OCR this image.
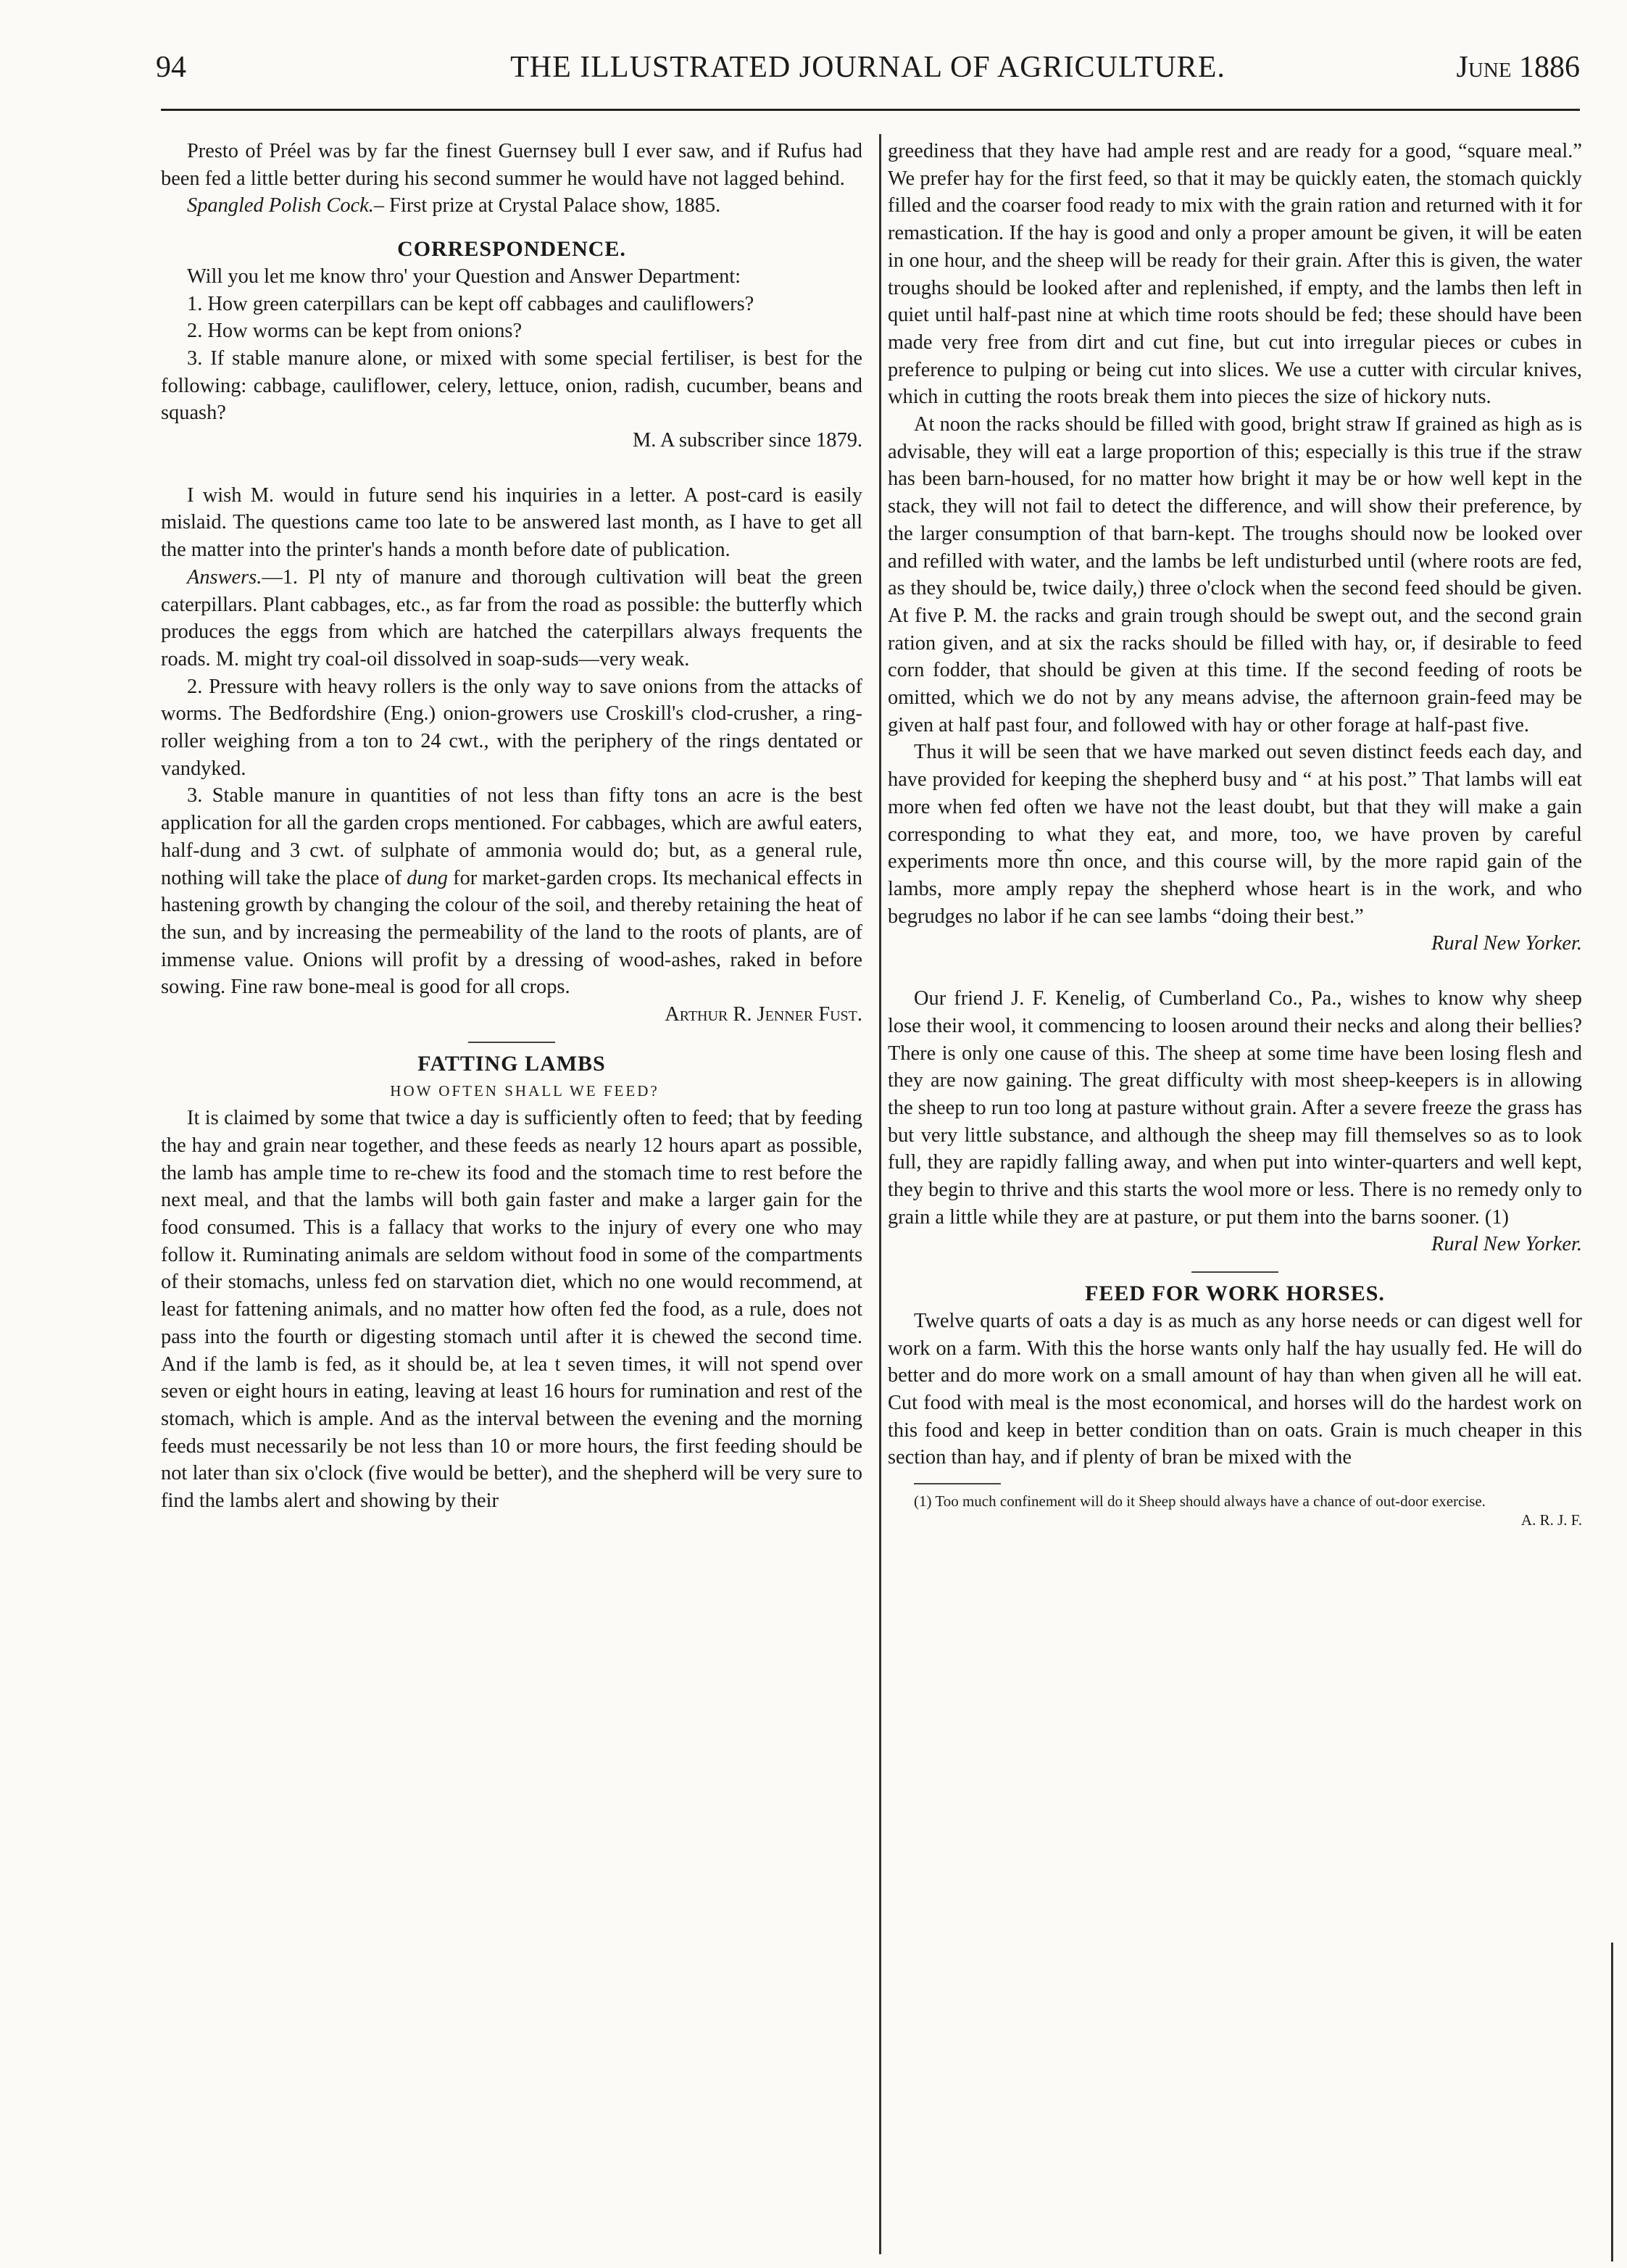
94	THE ILLUSTRATED JOURNAL OF AGRICULTURE.	June 1886

Presto of Préel was by far the finest Guernsey bull I ever saw, and if Rufus had been fed a little better during his second summer he would have not lagged behind.

Spangled Polish Cock.– First prize at Crystal Palace show, 1885.

CORRESPONDENCE.

Will you let me know thro' your Question and Answer Department:

1. How green caterpillars can be kept off cabbages and cauliflowers?

2. How worms can be kept from onions?

3. If stable manure alone, or mixed with some special fertiliser, is best for the following: cabbage, cauliflower, celery, lettuce, onion, radish, cucumber, beans and squash?

M. A subscriber since 1879.

I wish M. would in future send his inquiries in a letter. A post-card is easily mislaid. The questions came too late to be answered last month, as I have to get all the matter into the printer's hands a month before date of publication.

Answers.—1. Pl nty of manure and thorough cultivation will beat the green caterpillars. Plant cabbages, etc., as far from the road as possible: the butterfly which produces the eggs from which are hatched the caterpillars always frequents the roads. M. might try coal-oil dissolved in soap-suds—very weak.

2. Pressure with heavy rollers is the only way to save onions from the attacks of worms. The Bedfordshire (Eng.) onion-growers use Croskill's clod-crusher, a ring-roller weighing from a ton to 24 cwt., with the periphery of the rings dentated or vandyked.

3. Stable manure in quantities of not less than fifty tons an acre is the best application for all the garden crops mentioned. For cabbages, which are awful eaters, half-dung and 3 cwt. of sulphate of ammonia would do; but, as a general rule, nothing will take the place of dung for market-garden crops. Its mechanical effects in hastening growth by changing the colour of the soil, and thereby retaining the heat of the sun, and by increasing the permeability of the land to the roots of plants, are of immense value. Onions will profit by a dressing of wood-ashes, raked in before sowing. Fine raw bone-meal is good for all crops.

Arthur R. Jenner Fust.

FATTING LAMBS

HOW OFTEN SHALL WE FEED?

It is claimed by some that twice a day is sufficiently often to feed; that by feeding the hay and grain near together, and these feeds as nearly 12 hours apart as possible, the lamb has ample time to re-chew its food and the stomach time to rest before the next meal, and that the lambs will both gain faster and make a larger gain for the food consumed. This is a fallacy that works to the injury of every one who may follow it. Ruminating animals are seldom without food in some of the compartments of their stomachs, unless fed on starvation diet, which no one would recommend, at least for fattening animals, and no matter how often fed the food, as a rule, does not pass into the fourth or digesting stomach until after it is chewed the second time. And if the lamb is fed, as it should be, at lea t seven times, it will not spend over seven or eight hours in eating, leaving at least 16 hours for rumination and rest of the stomach, which is ample. And as the interval between the evening and the morning feeds must necessarily be not less than 10 or more hours, the first feeding should be not later than six o'clock (five would be better), and the shepherd will be very sure to find the lambs alert and showing by their

greediness that they have had ample rest and are ready for a good, “square meal.” We prefer hay for the first feed, so that it may be quickly eaten, the stomach quickly filled and the coarser food ready to mix with the grain ration and returned with it for remastication. If the hay is good and only a proper amount be given, it will be eaten in one hour, and the sheep will be ready for their grain. After this is given, the water troughs should be looked after and replenished, if empty, and the lambs then left in quiet until half-past nine at which time roots should be fed; these should have been made very free from dirt and cut fine, but cut into irregular pieces or cubes in preference to pulping or being cut into slices. We use a cutter with circular knives, which in cutting the roots break them into pieces the size of hickory nuts.

At noon the racks should be filled with good, bright straw If grained as high as is advisable, they will eat a large proportion of this; especially is this true if the straw has been barn-housed, for no matter how bright it may be or how well kept in the stack, they will not fail to detect the difference, and will show their preference, by the larger consumption of that barn-kept. The troughs should now be looked over and refilled with water, and the lambs be left undisturbed until (where roots are fed, as they should be, twice daily,) three o'clock when the second feed should be given. At five P. M. the racks and grain trough should be swept out, and the second grain ration given, and at six the racks should be filled with hay, or, if desirable to feed corn fodder, that should be given at this time. If the second feeding of roots be omitted, which we do not by any means advise, the afternoon grain-feed may be given at half past four, and followed with hay or other forage at half-past five.

Thus it will be seen that we have marked out seven distinct feeds each day, and have provided for keeping the shepherd busy and “ at his post.” That lambs will eat more when fed often we have not the least doubt, but that they will make a gain corresponding to what they eat, and more, too, we have proven by careful experiments more th̃n once, and this course will, by the more rapid gain of the lambs, more amply repay the shepherd whose heart is in the work, and who begrudges no labor if he can see lambs “doing their best.”

Rural New Yorker.

Our friend J. F. Kenelig, of Cumberland Co., Pa., wishes to know why sheep lose their wool, it commencing to loosen around their necks and along their bellies? There is only one cause of this. The sheep at some time have been losing flesh and they are now gaining. The great difficulty with most sheep-keepers is in allowing the sheep to run too long at pasture without grain. After a severe freeze the grass has but very little substance, and although the sheep may fill themselves so as to look full, they are rapidly falling away, and when put into winter-quarters and well kept, they begin to thrive and this starts the wool more or less. There is no remedy only to grain a little while they are at pasture, or put them into the barns sooner. (1)

Rural New Yorker.

FEED FOR WORK HORSES.

Twelve quarts of oats a day is as much as any horse needs or can digest well for work on a farm. With this the horse wants only half the hay usually fed. He will do better and do more work on a small amount of hay than when given all he will eat. Cut food with meal is the most economical, and horses will do the hardest work on this food and keep in better condition than on oats. Grain is much cheaper in this section than hay, and if plenty of bran be mixed with the

(1) Too much confinement will do it Sheep should always have a chance of out-door exercise.

A. R. J. F.
